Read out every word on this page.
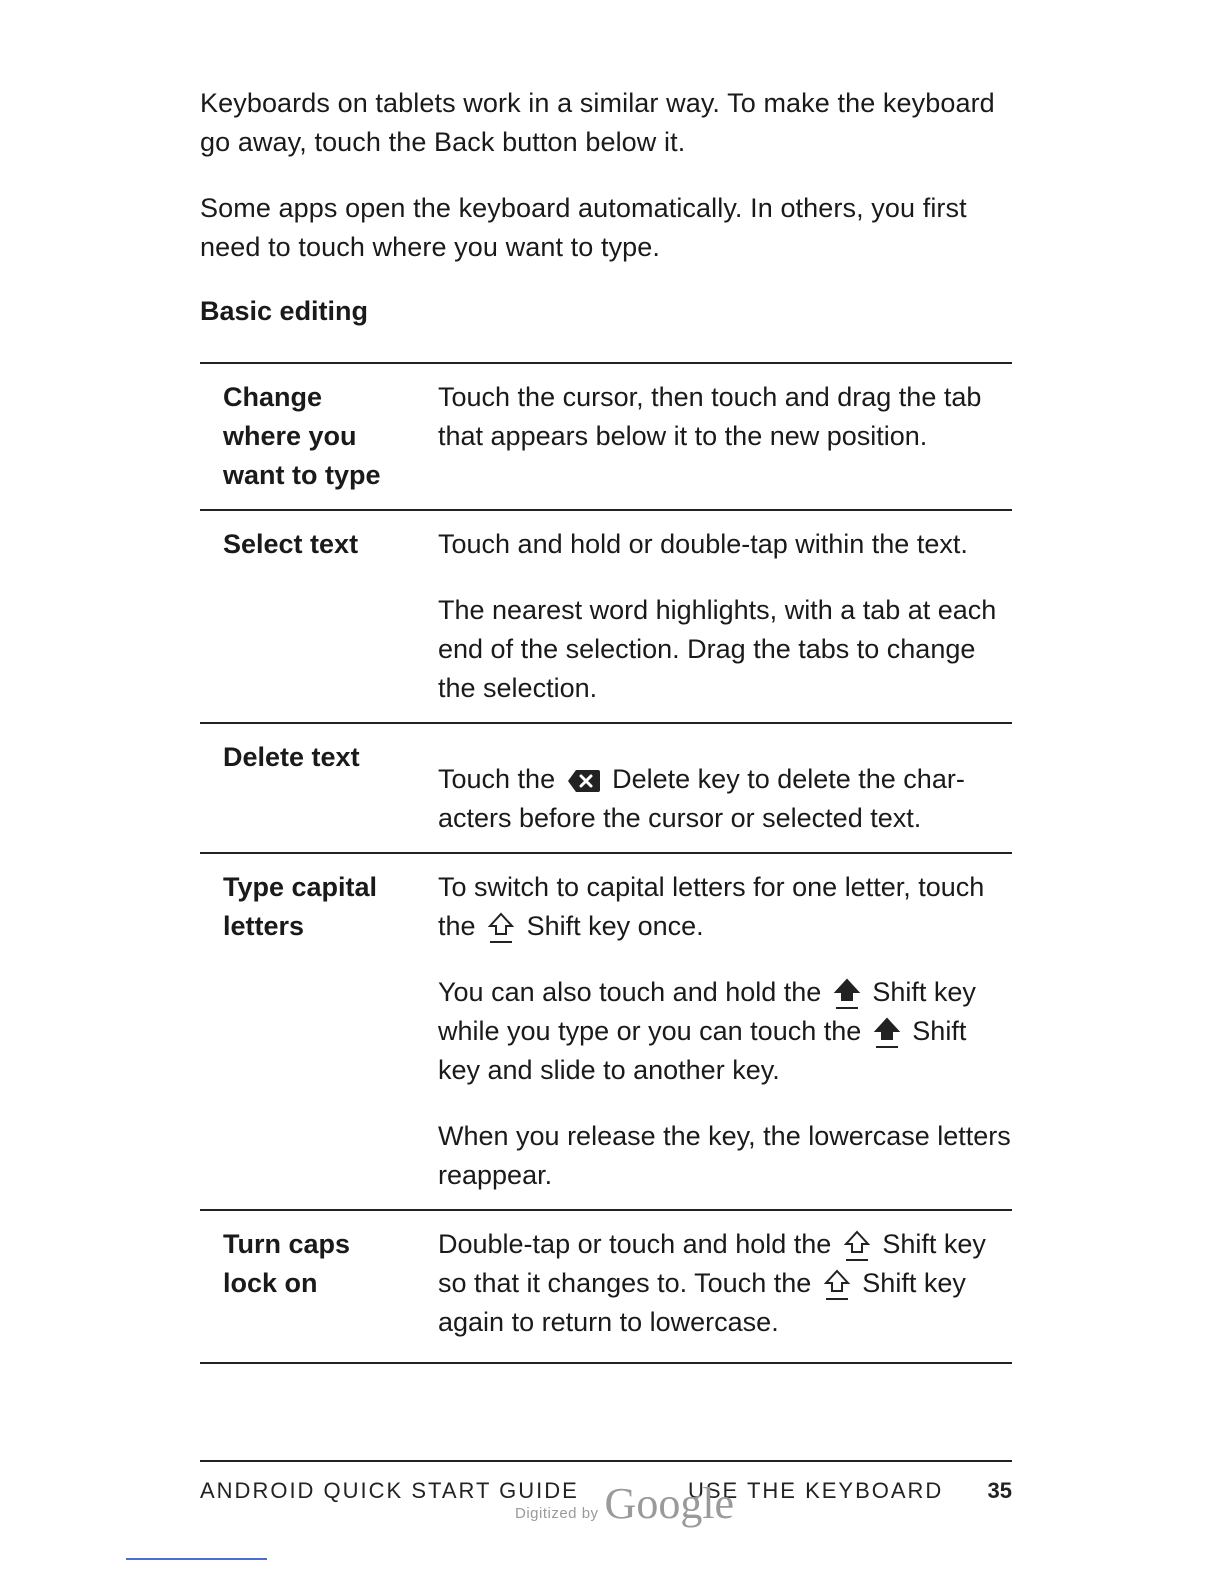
Keyboards on tablets work in a similar way. To make the keyboard go away, touch the Back button below it.

Some apps open the keyboard automatically. In others, you first need to touch where you want to type.

Basic editing
Change
where you
want to type

Touch the cursor, then touch and drag the tab that appears below it to the new position.

Select text	Touch and hold or double-tap within the text.

The nearest word highlights, with a tab at each end of the selection. Drag the tabs to change the selection.

Delete text

Touch the Delete key to delete the char-acters before the cursor or selected text.

Type capital
letters

To switch to capital letters for one letter, touch the Shift key once.

You can also touch and hold the Shift key while you type or you can touch the Shift key and slide to another key.

When you release the key, the lowercase letters reappear.

Turn caps
lock on

Double-tap or touch and hold the Shift key so that it changes to. Touch the Shift key again to return to lowercase.

ANDROID QUICK START GUIDE	USE THE KEYBOARD 35
Digitized by Google
